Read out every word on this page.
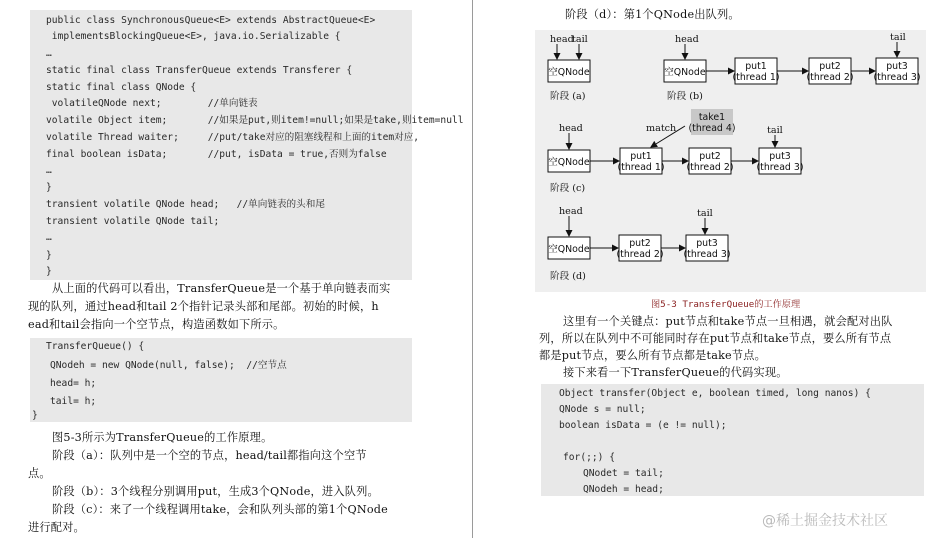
public class SynchronousQueue<E> extends AbstractQueue<E>
implementsBlockingQueue<E>, java.io.Serializable {
…
static final class TransferQueue extends Transferer {
static final class QNode {
volatileQNode next;        //单向链表
volatile Object item;       //如果是put,则item!=null;如果是take,则item=null
volatile Thread waiter;     //put/take对应的阻塞线程和上面的item对应,
final boolean isData;       //put, isData = true,否则为false
…
}
transient volatile QNode head;   //单向链表的头和尾
transient volatile QNode tail;
…
}
}
从上面的代码可以看出，TransferQueue是一个基于单向链表而实
现的队列，通过head和tail 2个指针记录头部和尾部。初始的时候，h
ead和tail会指向一个空节点，构造函数如下所示。
TransferQueue() {
QNodeh = new QNode(null, false);  //空节点
head= h;
tail= h;
}
图5-3所示为TransferQueue的工作原理。
阶段（a）：队列中是一个空的节点，head/tail都指向这个空节
点。
阶段（b）：3个线程分别调用put，生成3个QNode，进入队列。
阶段（c）：来了一个线程调用take，会和队列头部的第1个QNode
进行配对。
阶段（d）：第1个QNode出队列。
head
tail
空QNode
阶段 (a)
head
空QNode
put1
(thread 1)
put2
(thread 2)
tail
put3
(thread 3)
阶段 (b)
head
空QNode
put1
(thread 1)
match
take1
(thread 4)
put2
(thread 2)
tail
put3
(thread 3)
阶段 (c)
head
空QNode
put2
(thread 2)
tail
put3
(thread 3)
阶段 (d)
图5-3 TransferQueue的工作原理
这里有一个关键点：put节点和take节点一旦相遇，就会配对出队
列，所以在队列中不可能同时存在put节点和take节点，要么所有节点
都是put节点，要么所有节点都是take节点。
接下来看一下TransferQueue的代码实现。
Object transfer(Object e, boolean timed, long nanos) {
QNode s = null;
boolean isData = (e != null);
for(;;) {
QNodet = tail;
QNodeh = head;
@稀土掘金技术社区
